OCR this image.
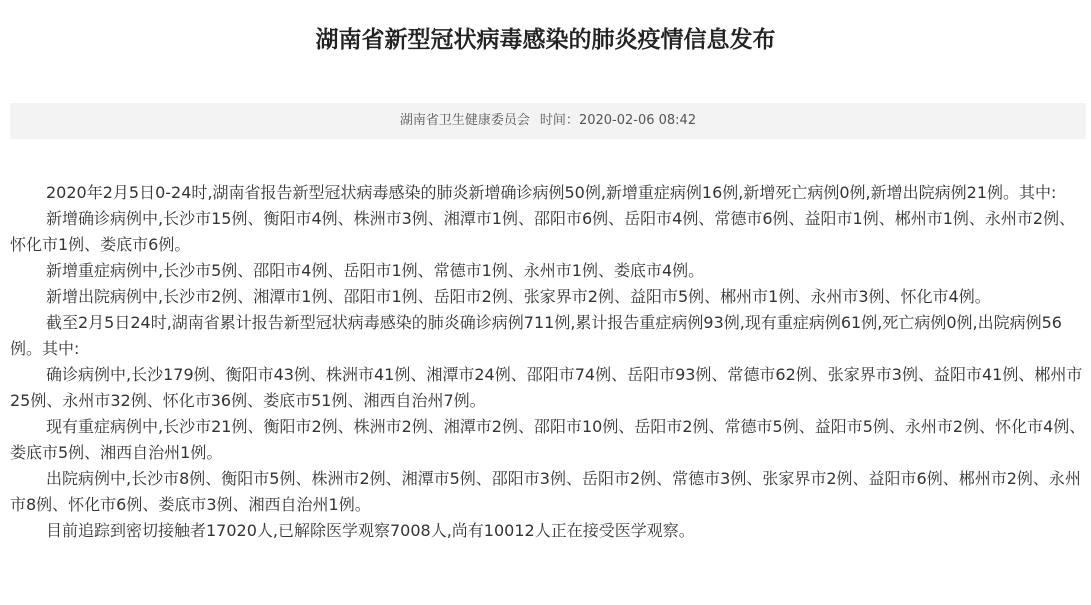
湖南省新型冠状病毒感染的肺炎疫情信息发布
湖南省卫生健康委员会 时间：2020-02-06 08:42

2020年2月5日0-24时,湖南省报告新型冠状病毒感染的肺炎新增确诊病例50例,新增重症病例16例,新增死亡病例0例,新增出院病例21例。其中:

新增确诊病例中,长沙市15例、衡阳市4例、株洲市3例、湘潭市1例、邵阳市6例、岳阳市4例、常德市6例、益阳市1例、郴州市1例、永州市2例、怀化市1例、娄底市6例。

新增重症病例中,长沙市5例、邵阳市4例、岳阳市1例、常德市1例、永州市1例、娄底市4例。

新增出院病例中,长沙市2例、湘潭市1例、邵阳市1例、岳阳市2例、张家界市2例、益阳市5例、郴州市1例、永州市3例、怀化市4例。

截至2月5日24时,湖南省累计报告新型冠状病毒感染的肺炎确诊病例711例,累计报告重症病例93例,现有重症病例61例,死亡病例0例,出院病例56例。其中:

确诊病例中,长沙179例、衡阳市43例、株洲市41例、湘潭市24例、邵阳市74例、岳阳市93例、常德市62例、张家界市3例、益阳市41例、郴州市25例、永州市32例、怀化市36例、娄底市51例、湘西自治州7例。

现有重症病例中,长沙市21例、衡阳市2例、株洲市2例、湘潭市2例、邵阳市10例、岳阳市2例、常德市5例、益阳市5例、永州市2例、怀化市4例、娄底市5例、湘西自治州1例。

出院病例中,长沙市8例、衡阳市5例、株洲市2例、湘潭市5例、邵阳市3例、岳阳市2例、常德市3例、张家界市2例、益阳市6例、郴州市2例、永州市8例、怀化市6例、娄底市3例、湘西自治州1例。

目前追踪到密切接触者17020人,已解除医学观察7008人,尚有10012人正在接受医学观察。
